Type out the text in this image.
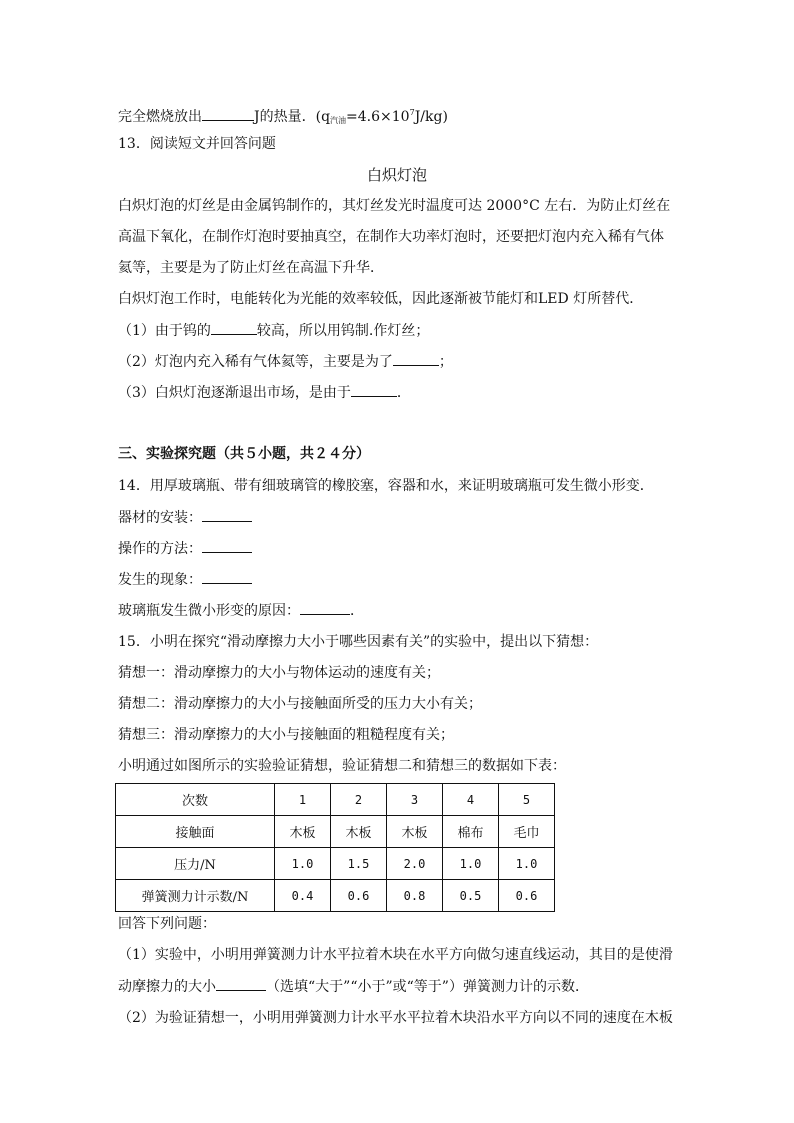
完全燃烧放出	J的热量．$(q_{汽油}=4.6\times 10^7J/kg)$
13．阅读短文并回答问题
白炽灯泡
白炽灯泡的灯丝是由金属钨制作的，其灯丝发光时温度可达 2000°C 左右．为防止灯丝在
高温下氧化，在制作灯泡时要抽真空，在制作大功率灯泡时，还要把灯泡内充入稀有气体
氦等，主要是为了防止灯丝在高温下升华．
白炽灯泡工作时，电能转化为光能的效率较低，因此逐渐被节能灯和LED 灯所替代．
（1）由于钨的	较高，所以用钨制.作灯丝；
（2）灯泡内充入稀有气体氦等，主要是为了	；
（3）白炽灯泡逐渐退出市场，是由于	．
三、实验探究题（共５小题，共２４分）
14．用厚玻璃瓶、带有细玻璃管的橡胶塞，容器和水，来证明玻璃瓶可发生微小形变．
器材的安装：
操作的方法：
发生的现象：
玻璃瓶发生微小形变的原因：	．
15．小明在探究“滑动摩擦力大小于哪些因素有关”的实验中，提出以下猜想：
猜想一：滑动摩擦力的大小与物体运动的速度有关；
猜想二：滑动摩擦力的大小与接触面所受的压力大小有关；
猜想三：滑动摩擦力的大小与接触面的粗糙程度有关；
小明通过如图所示的实验验证猜想，验证猜想二和猜想三的数据如下表：
次数	1	2	3	4	5
接触面	木板	木板	木板	棉布	毛巾
压力/N	1.0	1.5	2.0	1.0	1.0
弹簧测力计示数/N	0.4	0.6	0.8	0.5	0.6
回答下列问题：
（1）实验中，小明用弹簧测力计水平拉着木块在水平方向做匀速直线运动，其目的是使滑
动摩擦力的大小	（选填“大于”“小于”或“等于”）弹簧测力计的示数．
（2）为验证猜想一，小明用弹簧测力计水平水平拉着木块沿水平方向以不同的速度在木板
